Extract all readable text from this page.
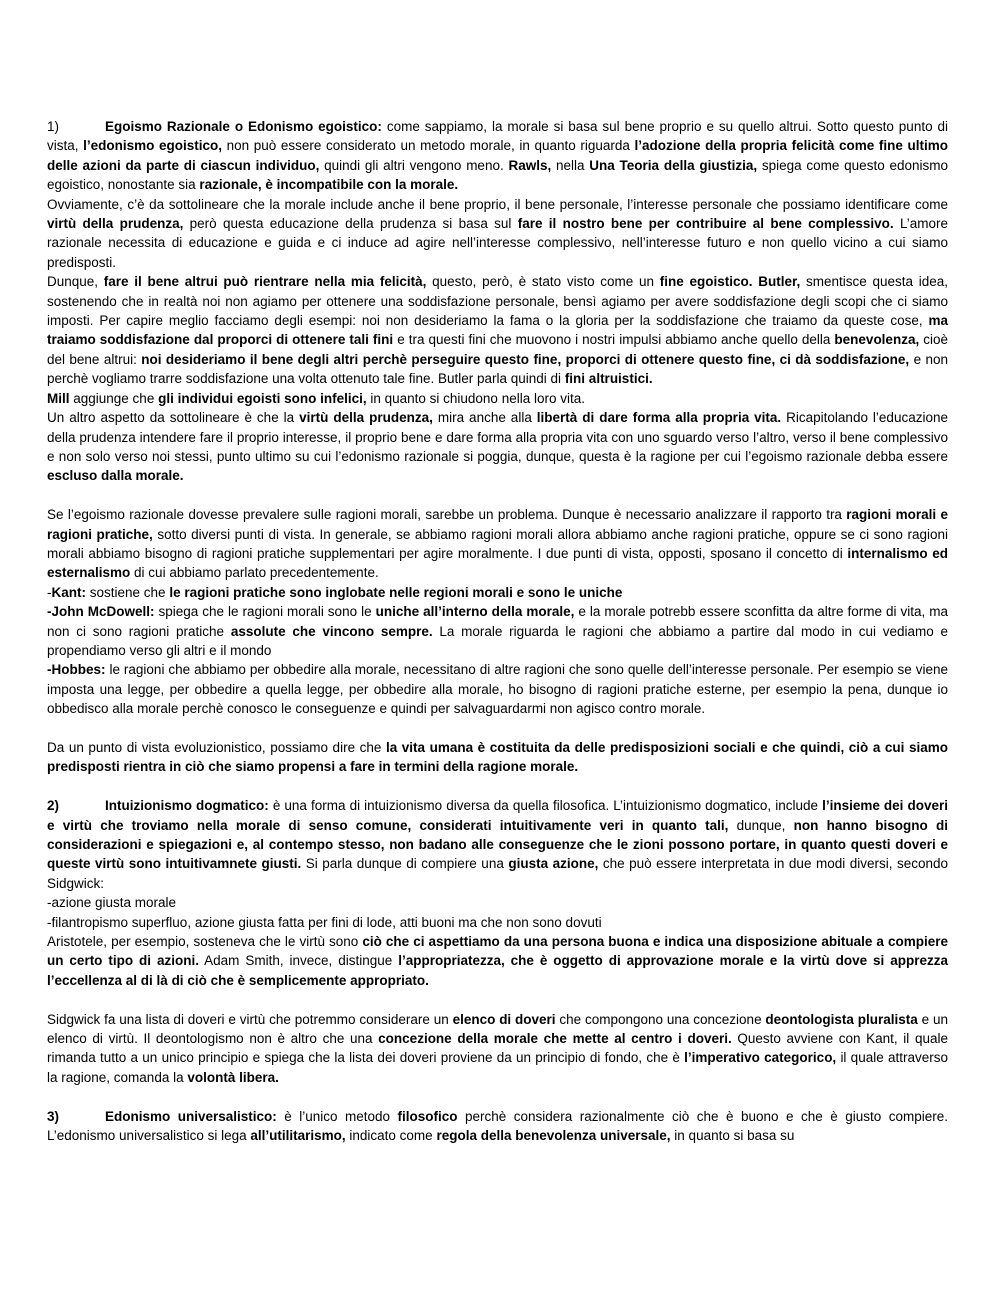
1)	Egoismo Razionale o Edonismo egoistico: come sappiamo, la morale si basa sul bene proprio e su quello altrui. Sotto questo punto di vista, l’edonismo egoistico, non può essere considerato un metodo morale, in quanto riguarda l’adozione della propria felicità come fine ultimo delle azioni da parte di ciascun individuo, quindi gli altri vengono meno. Rawls, nella Una Teoria della giustizia, spiega come questo edonismo egoistico, nonostante sia razionale, è incompatibile con la morale.

Ovviamente, c’è da sottolineare che la morale include anche il bene proprio, il bene personale, l’interesse personale che possiamo identificare come virtù della prudenza, però questa educazione della prudenza si basa sul fare il nostro bene per contribuire al bene complessivo. L’amore razionale necessita di educazione e guida e ci induce ad agire nell’interesse complessivo, nell’interesse futuro e non quello vicino a cui siamo predisposti.

Dunque, fare il bene altrui può rientrare nella mia felicità, questo, però, è stato visto come un fine egoistico. Butler, smentisce questa idea, sostenendo che in realtà noi non agiamo per ottenere una soddisfazione personale, bensì agiamo per avere soddisfazione degli scopi che ci siamo imposti. Per capire meglio facciamo degli esempi: noi non desideriamo la fama o la gloria per la soddisfazione che traiamo da queste cose, ma traiamo soddisfazione dal proporci di ottenere tali fini e tra questi fini che muovono i nostri impulsi abbiamo anche quello della benevolenza, cioè del bene altrui: noi desideriamo il bene degli altri perchè perseguire questo fine, proporci di ottenere questo fine, ci dà soddisfazione, e non perchè vogliamo trarre soddisfazione una volta ottenuto tale fine. Butler parla quindi di fini altruistici.

Mill aggiunge che gli individui egoisti sono infelici, in quanto si chiudono nella loro vita.

Un altro aspetto da sottolineare è che la virtù della prudenza, mira anche alla libertà di dare forma alla propria vita. Ricapitolando l’educazione della prudenza intendere fare il proprio interesse, il proprio bene e dare forma alla propria vita con uno sguardo verso l’altro, verso il bene complessivo e non solo verso noi stessi, punto ultimo su cui l’edonismo razionale si poggia, dunque, questa è la ragione per cui l’egoismo razionale debba essere escluso dalla morale.

Se l’egoismo razionale dovesse prevalere sulle ragioni morali, sarebbe un problema. Dunque è necessario analizzare il rapporto tra ragioni morali e ragioni pratiche, sotto diversi punti di vista. In generale, se abbiamo ragioni morali allora abbiamo anche ragioni pratiche, oppure se ci sono ragioni morali abbiamo bisogno di ragioni pratiche supplementari per agire moralmente. I due punti di vista, opposti, sposano il concetto di internalismo ed esternalismo di cui abbiamo parlato precedentemente.

-Kant: sostiene che le ragioni pratiche sono inglobate nelle regioni morali e sono le uniche

-John McDowell: spiega che le ragioni morali sono le uniche all’interno della morale, e la morale potrebb essere sconfitta da altre forme di vita, ma non ci sono ragioni pratiche assolute che vincono sempre. La morale riguarda le ragioni che abbiamo a partire dal modo in cui vediamo e propendiamo verso gli altri e il mondo

-Hobbes: le ragioni che abbiamo per obbedire alla morale, necessitano di altre ragioni che sono quelle dell’interesse personale. Per esempio se viene imposta una legge, per obbedire a quella legge, per obbedire alla morale, ho bisogno di ragioni pratiche esterne, per esempio la pena, dunque io obbedisco alla morale perchè conosco le conseguenze e quindi per salvaguardarmi non agisco contro morale.

Da un punto di vista evoluzionistico, possiamo dire che la vita umana è costituita da delle predisposizioni sociali e che quindi, ciò a cui siamo predisposti rientra in ciò che siamo propensi a fare in termini della ragione morale.

2)	Intuizionismo dogmatico: è una forma di intuizionismo diversa da quella filosofica. L’intuizionismo dogmatico, include l’insieme dei doveri e virtù che troviamo nella morale di senso comune, considerati intuitivamente veri in quanto tali, dunque, non hanno bisogno di considerazioni e spiegazioni e, al contempo stesso, non badano alle conseguenze che le zioni possono portare, in quanto questi doveri e queste virtù sono intuitivamnete giusti. Si parla dunque di compiere una giusta azione, che può essere interpretata in due modi diversi, secondo Sidgwick:

-azione giusta morale

-filantropismo superfluo, azione giusta fatta per fini di lode, atti buoni ma che non sono dovuti

Aristotele, per esempio, sosteneva che le virtù sono ciò che ci aspettiamo da una persona buona e indica una disposizione abituale a compiere un certo tipo di azioni. Adam Smith, invece, distingue l’appropriatezza, che è oggetto di approvazione morale e la virtù dove si apprezza l’eccellenza al di là di ciò che è semplicemente appropriato.

Sidgwick fa una lista di doveri e virtù che potremmo considerare un elenco di doveri che compongono una concezione deontologista pluralista e un elenco di virtù. Il deontologismo non è altro che una concezione della morale che mette al centro i doveri. Questo avviene con Kant, il quale rimanda tutto a un unico principio e spiega che la lista dei doveri proviene da un principio di fondo, che è l’imperativo categorico, il quale attraverso la ragione, comanda la volontà libera.

3)	Edonismo universalistico: è l’unico metodo filosofico perchè considera razionalmente ciò che è buono e che è giusto compiere. L’edonismo universalistico si lega all’utilitarismo, indicato come regola della benevolenza universale, in quanto si basa su
